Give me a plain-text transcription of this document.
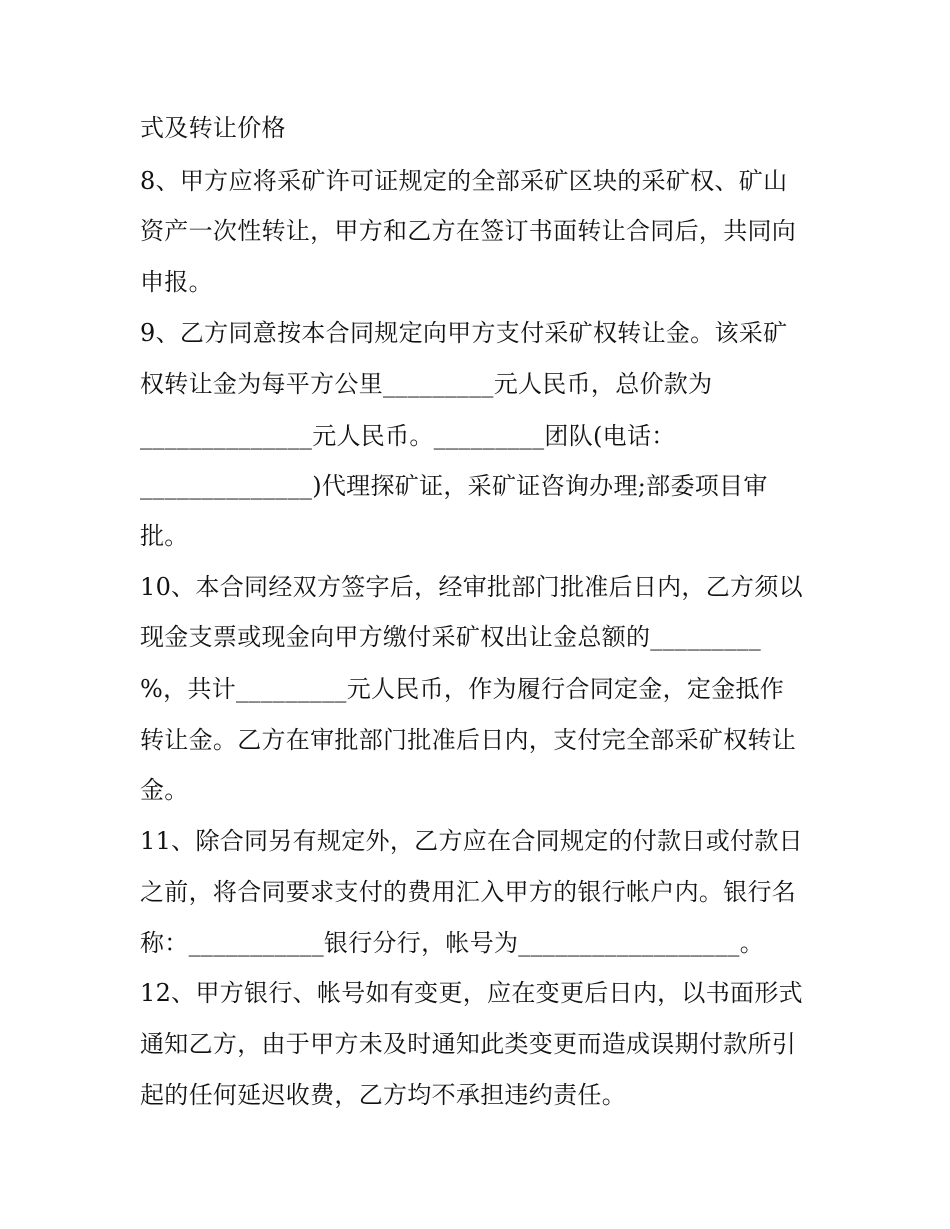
式及转让价格
8、甲方应将采矿许可证规定的全部采矿区块的采矿权、矿山
资产一次性转让，甲方和乙方在签订书面转让合同后，共同向
申报。
9、乙方同意按本合同规定向甲方支付采矿权转让金。该采矿
权转让金为每平方公里_________元人民币，总价款为
______________元人民币。_________团队(电话：
______________)代理探矿证，采矿证咨询办理;部委项目审
批。
10、本合同经双方签字后，经审批部门批准后日内，乙方须以
现金支票或现金向甲方缴付采矿权出让金总额的_________
%，共计_________元人民币，作为履行合同定金，定金抵作
转让金。乙方在审批部门批准后日内，支付完全部采矿权转让
金。
11、除合同另有规定外，乙方应在合同规定的付款日或付款日
之前，将合同要求支付的费用汇入甲方的银行帐户内。银行名
称：___________银行分行，帐号为__________________。
12、甲方银行、帐号如有变更，应在变更后日内，以书面形式
通知乙方，由于甲方未及时通知此类变更而造成误期付款所引
起的任何延迟收费，乙方均不承担违约责任。
